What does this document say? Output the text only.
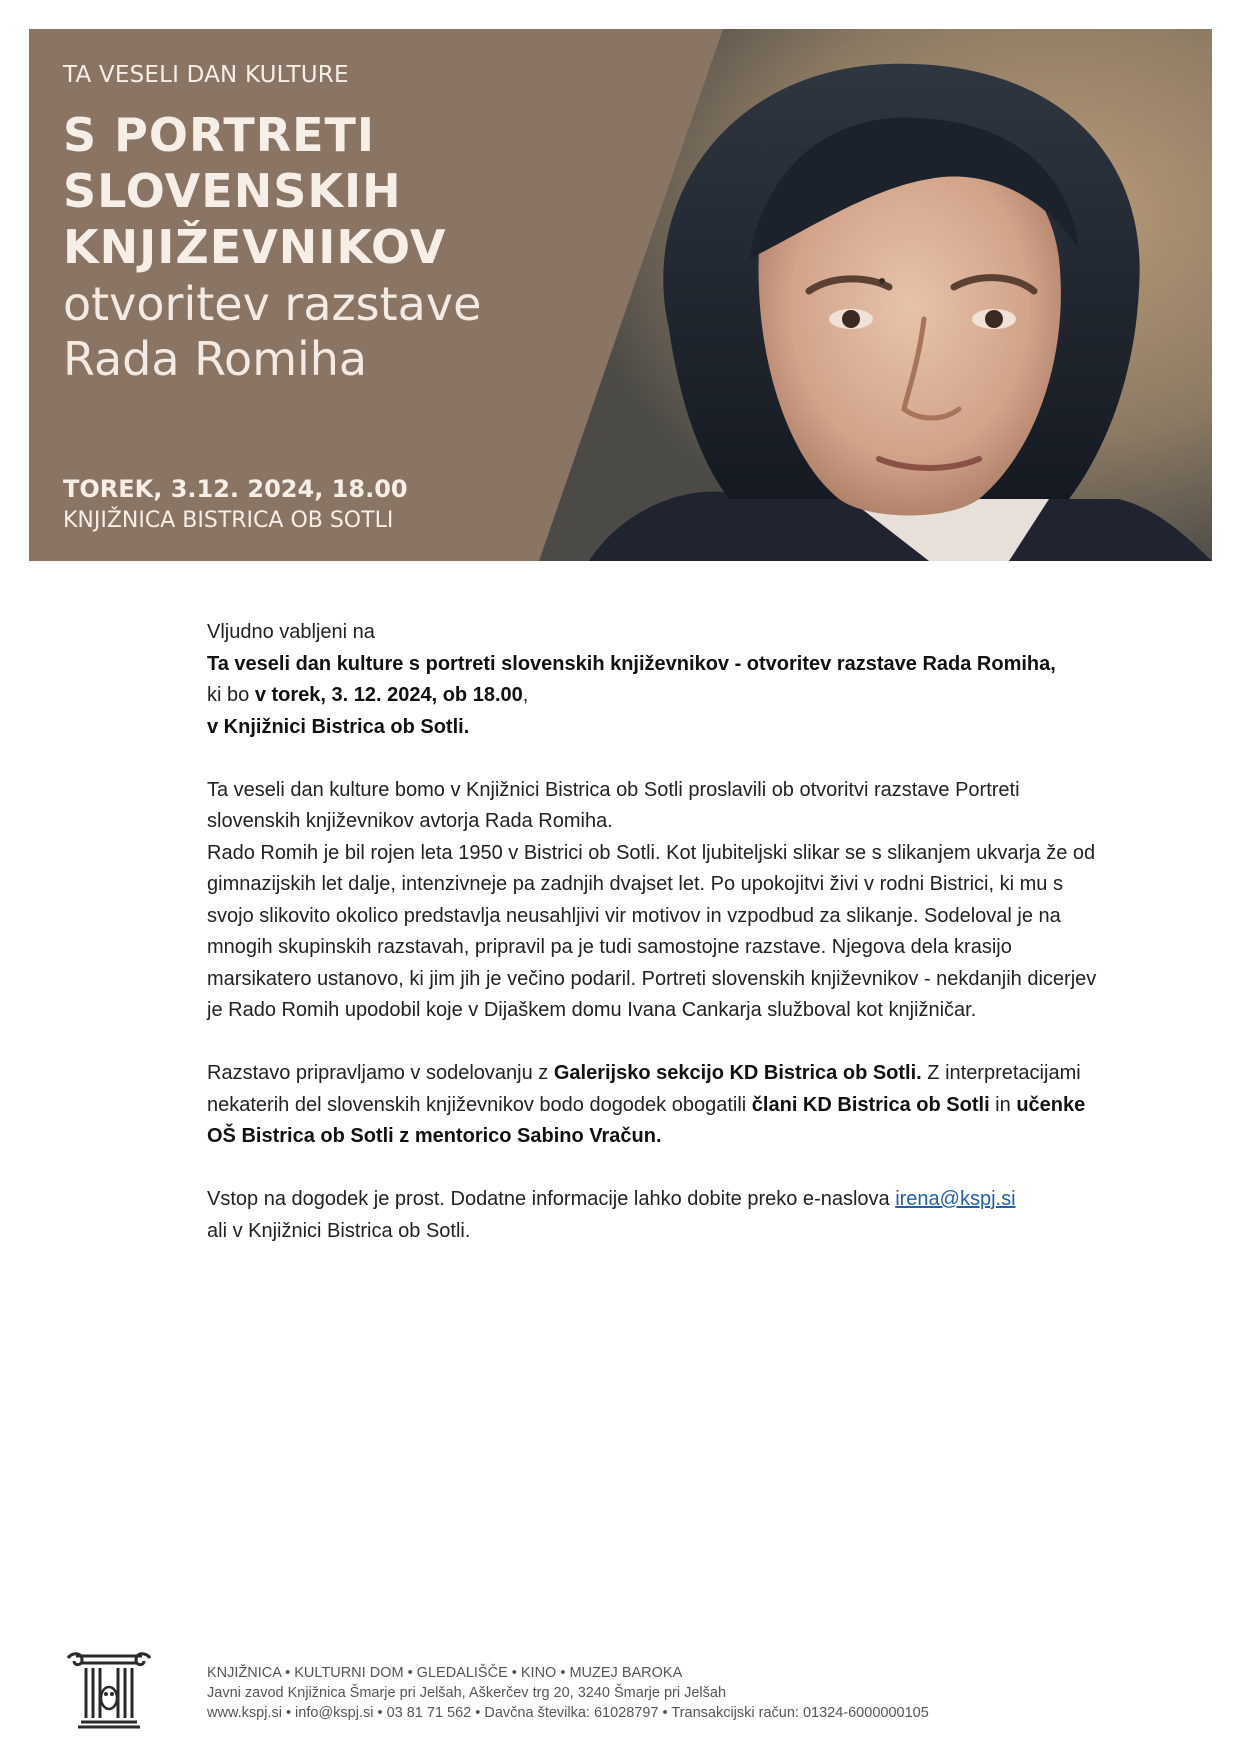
TA VESELI DAN KULTURE
S PORTRETI
SLOVENSKIH
KNJIŽEVNIKOV
otvoritev razstave
Rada Romiha
TOREK, 3.12. 2024, 18.00
KNJIŽNICA BISTRICA OB SOTLI

Vljudno vabljeni na

Ta veseli dan kulture s portreti slovenskih književnikov - otvoritev razstave Rada Romiha,

ki bo v torek, 3. 12. 2024, ob 18.00,

v Knjižnici Bistrica ob Sotli.

Ta veseli dan kulture bomo v Knjižnici Bistrica ob Sotli proslavili ob otvoritvi razstave Portreti slovenskih književnikov avtorja Rada Romiha.

Rado Romih je bil rojen leta 1950 v Bistrici ob Sotli. Kot ljubiteljski slikar se s slikanjem ukvarja že od gimnazijskih let dalje, intenzivneje pa zadnjih dvajset let. Po upokojitvi živi v rodni Bistrici, ki mu s svojo slikovito okolico predstavlja neusahljivi vir motivov in vzpodbud za slikanje. Sodeloval je na mnogih skupinskih razstavah, pripravil pa je tudi samostojne razstave. Njegova dela krasijo marsikatero ustanovo, ki jim jih je večino podaril. Portreti slovenskih književnikov - nekdanjih dicerjev je Rado Romih upodobil koje v Dijaškem domu Ivana Cankarja služboval kot knjižničar.

Razstavo pripravljamo v sodelovanju z Galerijsko sekcijo KD Bistrica ob Sotli. Z interpretacijami nekaterih del slovenskih književnikov bodo dogodek obogatili člani KD Bistrica ob Sotli in učenke OŠ Bistrica ob Sotli z mentorico Sabino Vračun.

Vstop na dogodek je prost. Dodatne informacije lahko dobite preko e-naslova irena@kspj.si
ali v Knjižnici Bistrica ob Sotli.

KNJIŽNICA • KULTURNI DOM • GLEDALIŠČE • KINO • MUZEJ BAROKA
Javni zavod Knjižnica Šmarje pri Jelšah, Aškerčev trg 20, 3240 Šmarje pri Jelšah
www.kspj.si • info@kspj.si • 03 81 71 562 • Davčna številka: 61028797 • Transakcijski račun: 01324-6000000105
